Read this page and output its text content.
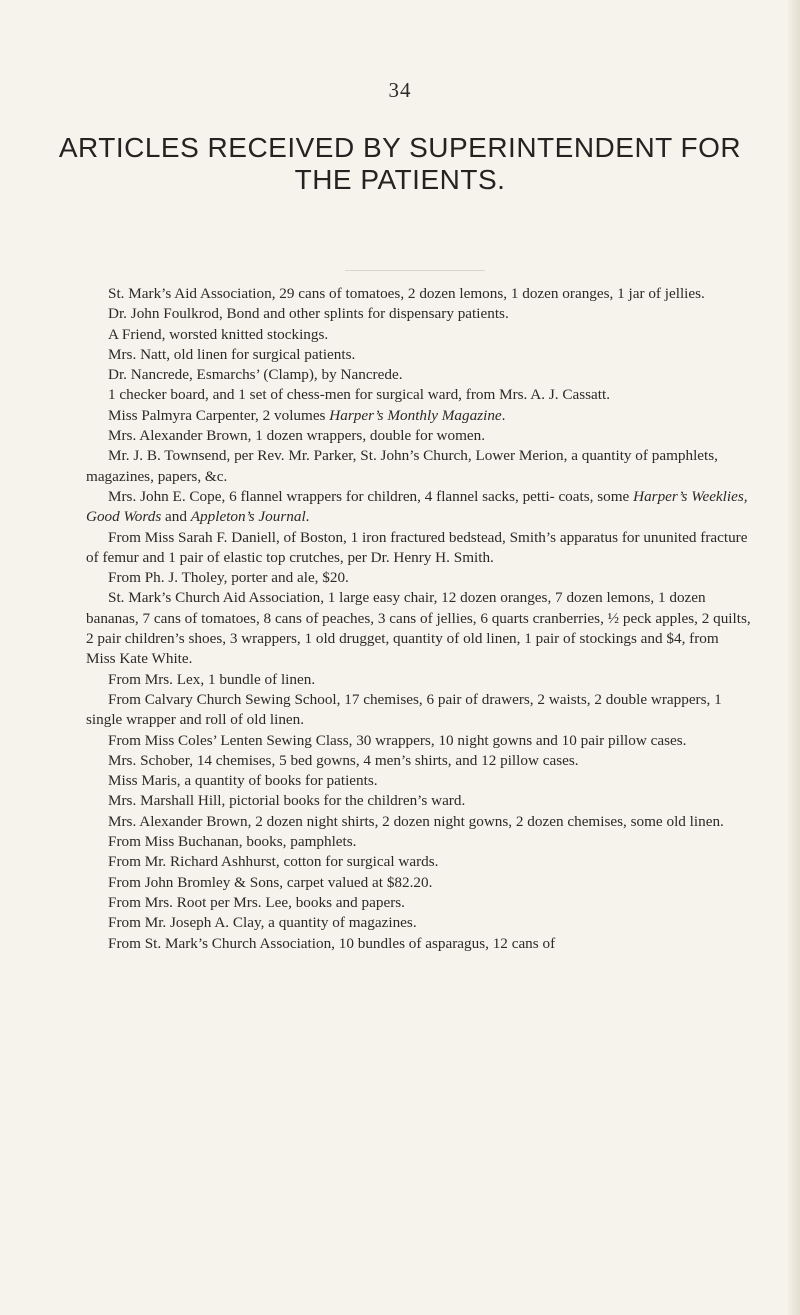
34
ARTICLES RECEIVED BY SUPERINTENDENT FOR THE PATIENTS.

St. Mark’s Aid Association, 29 cans of tomatoes, 2 dozen lemons, 1 dozen oranges, 1 jar of jellies.

Dr. John Foulkrod, Bond and other splints for dispensary patients.

A Friend, worsted knitted stockings.

Mrs. Natt, old linen for surgical patients.

Dr. Nancrede, Esmarchs’ (Clamp), by Nancrede.

1 checker board, and 1 set of chess-men for surgical ward, from Mrs. A. J. Cassatt.

Miss Palmyra Carpenter, 2 volumes Harper’s Monthly Magazine.

Mrs. Alexander Brown, 1 dozen wrappers, double for women.

Mr. J. B. Townsend, per Rev. Mr. Parker, St. John’s Church, Lower Merion, a quantity of pamphlets, magazines, papers, &c.

Mrs. John E. Cope, 6 flannel wrappers for children, 4 flannel sacks, petti- coats, some Harper’s Weeklies, Good Words and Appleton’s Journal.

From Miss Sarah F. Daniell, of Boston, 1 iron fractured bedstead, Smith’s apparatus for ununited fracture of femur and 1 pair of elastic top crutches, per Dr. Henry H. Smith.

From Ph. J. Tholey, porter and ale, $20.

St. Mark’s Church Aid Association, 1 large easy chair, 12 dozen oranges, 7 dozen lemons, 1 dozen bananas, 7 cans of tomatoes, 8 cans of peaches, 3 cans of jellies, 6 quarts cranberries, ½ peck apples, 2 quilts, 2 pair children’s shoes, 3 wrappers, 1 old drugget, quantity of old linen, 1 pair of stockings and $4, from Miss Kate White.

From Mrs. Lex, 1 bundle of linen.

From Calvary Church Sewing School, 17 chemises, 6 pair of drawers, 2 waists, 2 double wrappers, 1 single wrapper and roll of old linen.

From Miss Coles’ Lenten Sewing Class, 30 wrappers, 10 night gowns and 10 pair pillow cases.

Mrs. Schober, 14 chemises, 5 bed gowns, 4 men’s shirts, and 12 pillow cases.

Miss Maris, a quantity of books for patients.

Mrs. Marshall Hill, pictorial books for the children’s ward.

Mrs. Alexander Brown, 2 dozen night shirts, 2 dozen night gowns, 2 dozen chemises, some old linen.

From Miss Buchanan, books, pamphlets.

From Mr. Richard Ashhurst, cotton for surgical wards.

From John Bromley & Sons, carpet valued at $82.20.

From Mrs. Root per Mrs. Lee, books and papers.

From Mr. Joseph A. Clay, a quantity of magazines.

From St. Mark’s Church Association, 10 bundles of asparagus, 12 cans of
